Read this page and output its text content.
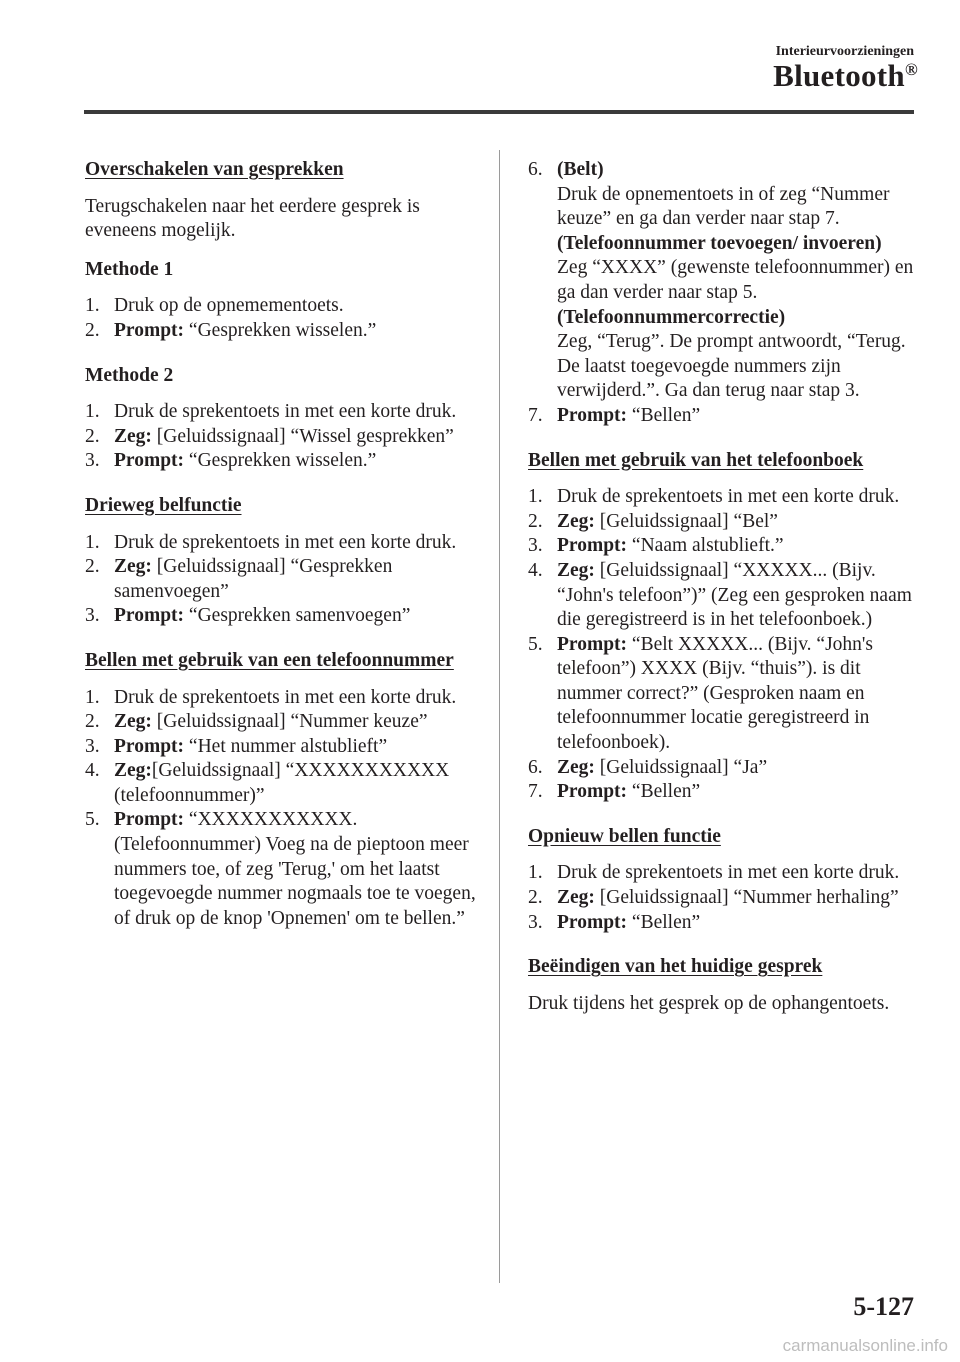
Interieurvoorzieningen
Bluetooth®
Overschakelen van gesprekken

Terugschakelen naar het eerdere gesprek is eveneens mogelijk.

Methode 1
1. Druk op de opnemementoets.
2. Prompt: “Gesprekken wisselen.”
Methode 2
1. Druk de sprekentoets in met een korte druk.
2. Zeg: [Geluidssignaal] “Wissel gesprekken”
3. Prompt: “Gesprekken wisselen.”
Drieweg belfunctie
1. Druk de sprekentoets in met een korte druk.
2. Zeg: [Geluidssignaal] “Gesprekken samenvoegen”
3. Prompt: “Gesprekken samenvoegen”
Bellen met gebruik van een telefoonnummer
1. Druk de sprekentoets in met een korte druk.
2. Zeg: [Geluidssignaal] “Nummer keuze”
3. Prompt: “Het nummer alstublieft”
4. Zeg:[Geluidssignaal] “XXXXXXXXXXX (telefoonnummer)”
5. Prompt: “XXXXXXXXXXX. (Telefoonnummer) Voeg na de pieptoon meer nummers toe, of zeg 'Terug,' om het laatst toegevoegde nummer nogmaals toe te voegen, of druk op de knop 'Opnemen' om te bellen.”
6. (Belt)
Druk de opnementoets in of zeg “Nummer keuze” en ga dan verder naar stap 7.
(Telefoonnummer toevoegen/ invoeren)
Zeg “XXXX” (gewenste telefoonnummer) en ga dan verder naar stap 5.
(Telefoonnummercorrectie)
Zeg, “Terug”. De prompt antwoordt, “Terug. De laatst toegevoegde nummers zijn verwijderd.”. Ga dan terug naar stap 3.
7. Prompt: “Bellen”
Bellen met gebruik van het telefoonboek
1. Druk de sprekentoets in met een korte druk.
2. Zeg: [Geluidssignaal] “Bel”
3. Prompt: “Naam alstublieft.”
4. Zeg: [Geluidssignaal] “XXXXX... (Bijv. “John's telefoon”)” (Zeg een gesproken naam die geregistreerd is in het telefoonboek.)
5. Prompt: “Belt XXXXX... (Bijv. “John's telefoon”) XXXX (Bijv. “thuis”). is dit nummer correct?” (Gesproken naam en telefoonnummer locatie geregistreerd in telefoonboek).
6. Zeg: [Geluidssignaal] “Ja”
7. Prompt: “Bellen”
Opnieuw bellen functie
1. Druk de sprekentoets in met een korte druk.
2. Zeg: [Geluidssignaal] “Nummer herhaling”
3. Prompt: “Bellen”
Beëindigen van het huidige gesprek

Druk tijdens het gesprek op de ophangentoets.

5-127
carmanualsonline.info
